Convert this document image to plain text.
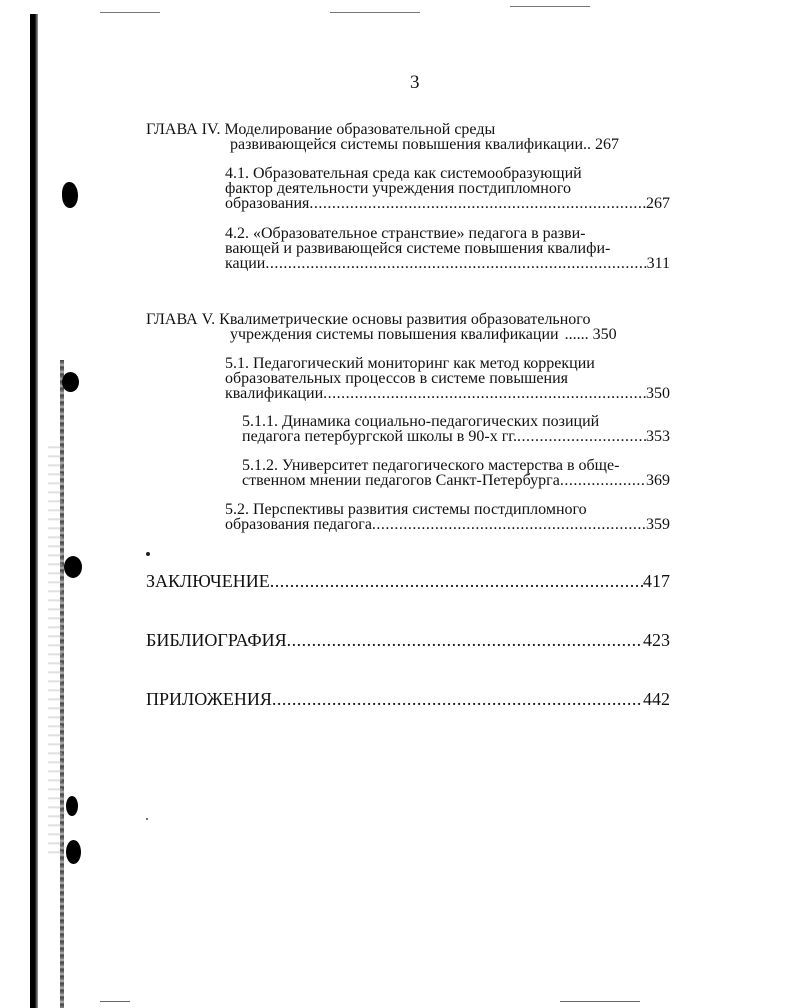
3
ГЛАВА IV. Моделирование образовательной среды
развивающейся системы повышения квалификации .. 267
4.1. Образовательная среда как системообразующий
фактор деятельности учреждения постдипломного
образования .....	267
4.2. «Образовательное странствие» педагога в разви-
вающей и развивающейся системе повышения квалифи-
кации .....	311
ГЛАВА V. Квалиметрические основы развития образовательного
учреждения системы повышения квалификации ...... 350
5.1. Педагогический мониторинг как метод коррекции
образовательных процессов в системе повышения
квалификации .....	350
5.1.1. Динамика социально-педагогических позиций
педагога петербургской школы в 90-х гг. .....	353
5.1.2. Университет педагогического мастерства в обще-
ственном мнении педагогов Санкт-Петербурга .....	369
5.2. Перспективы развития системы постдипломного
образования педагога .....	359
ЗАКЛЮЧЕНИЕ .....	417
БИБЛИОГРАФИЯ .....	423
ПРИЛОЖЕНИЯ .....	442
